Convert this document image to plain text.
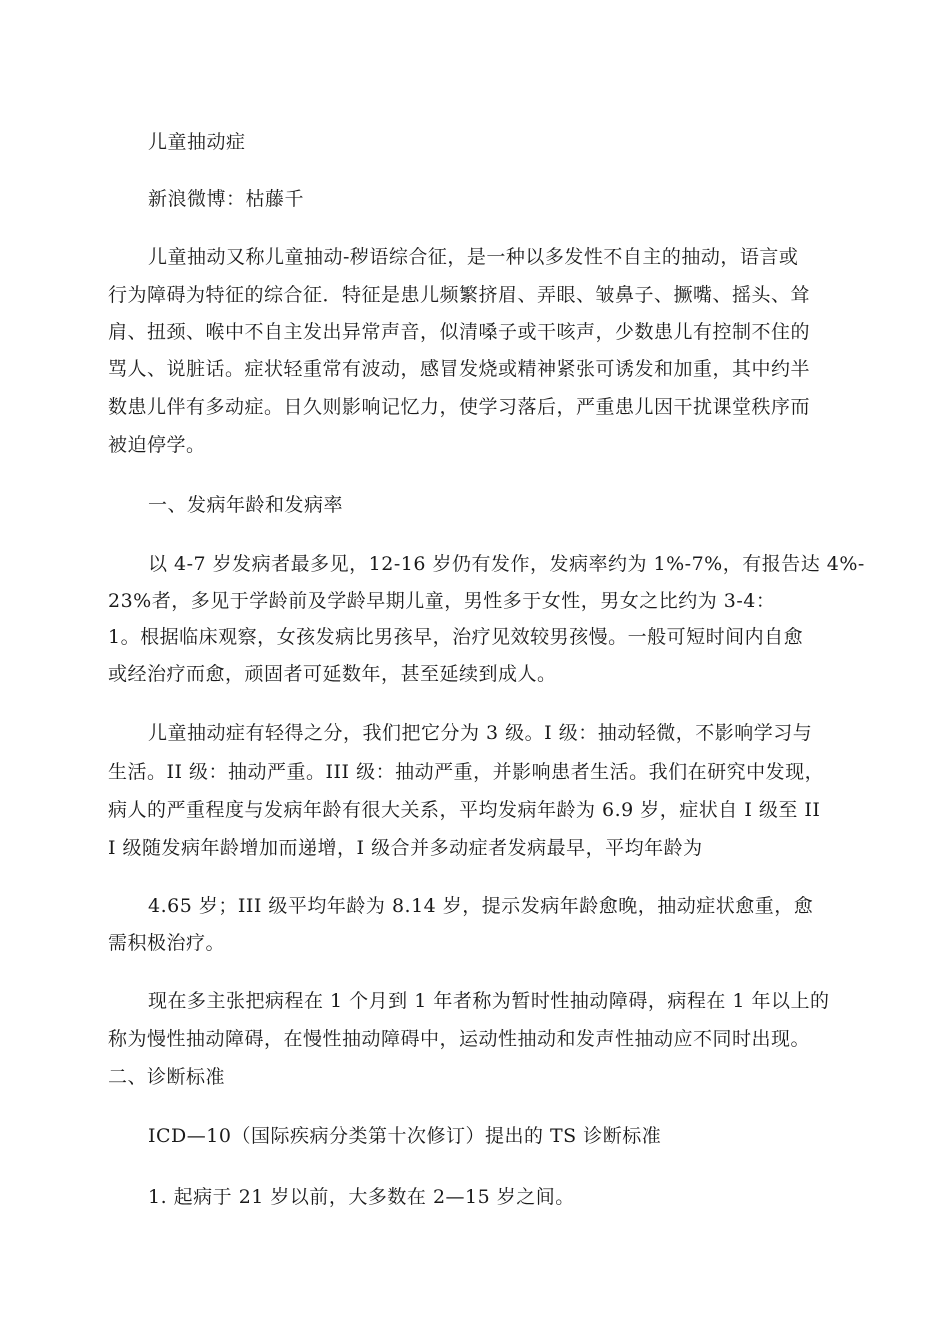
儿童抽动症

新浪微博：枯藤千

儿童抽动又称儿童抽动-秽语综合征，是一种以多发性不自主的抽动，语言或

行为障碍为特征的综合征．特征是患儿频繁挤眉、弄眼、皱鼻子、撅嘴、摇头、耸

肩、扭颈、喉中不自主发出异常声音，似清嗓子或干咳声，少数患儿有控制不住的

骂人、说脏话。症状轻重常有波动，感冒发烧或精神紧张可诱发和加重，其中约半

数患儿伴有多动症。日久则影响记忆力，使学习落后，严重患儿因干扰课堂秩序而

被迫停学。

一、发病年龄和发病率

以 4-7 岁发病者最多见，12-16 岁仍有发作，发病率约为 1%-7%，有报告达 4%-

23%者，多见于学龄前及学龄早期儿童，男性多于女性，男女之比约为 3-4：

1。根据临床观察，女孩发病比男孩早，治疗见效较男孩慢。一般可短时间内自愈

或经治疗而愈，顽固者可延数年，甚至延续到成人。

儿童抽动症有轻得之分，我们把它分为 3 级。I 级：抽动轻微，不影响学习与

生活。II 级：抽动严重。III 级：抽动严重，并影响患者生活。我们在研究中发现，

病人的严重程度与发病年龄有很大关系，平均发病年龄为 6.9 岁，症状自 I 级至 II

I 级随发病年龄增加而递增，I 级合并多动症者发病最早，平均年龄为

4.65 岁；III 级平均年龄为 8.14 岁，提示发病年龄愈晚，抽动症状愈重，愈

需积极治疗。

现在多主张把病程在 1 个月到 1 年者称为暂时性抽动障碍，病程在 1 年以上的

称为慢性抽动障碍，在慢性抽动障碍中，运动性抽动和发声性抽动应不同时出现。

二、诊断标准

ICD—10（国际疾病分类第十次修订）提出的 TS 诊断标准

1. 起病于 21 岁以前，大多数在 2—15 岁之间。
